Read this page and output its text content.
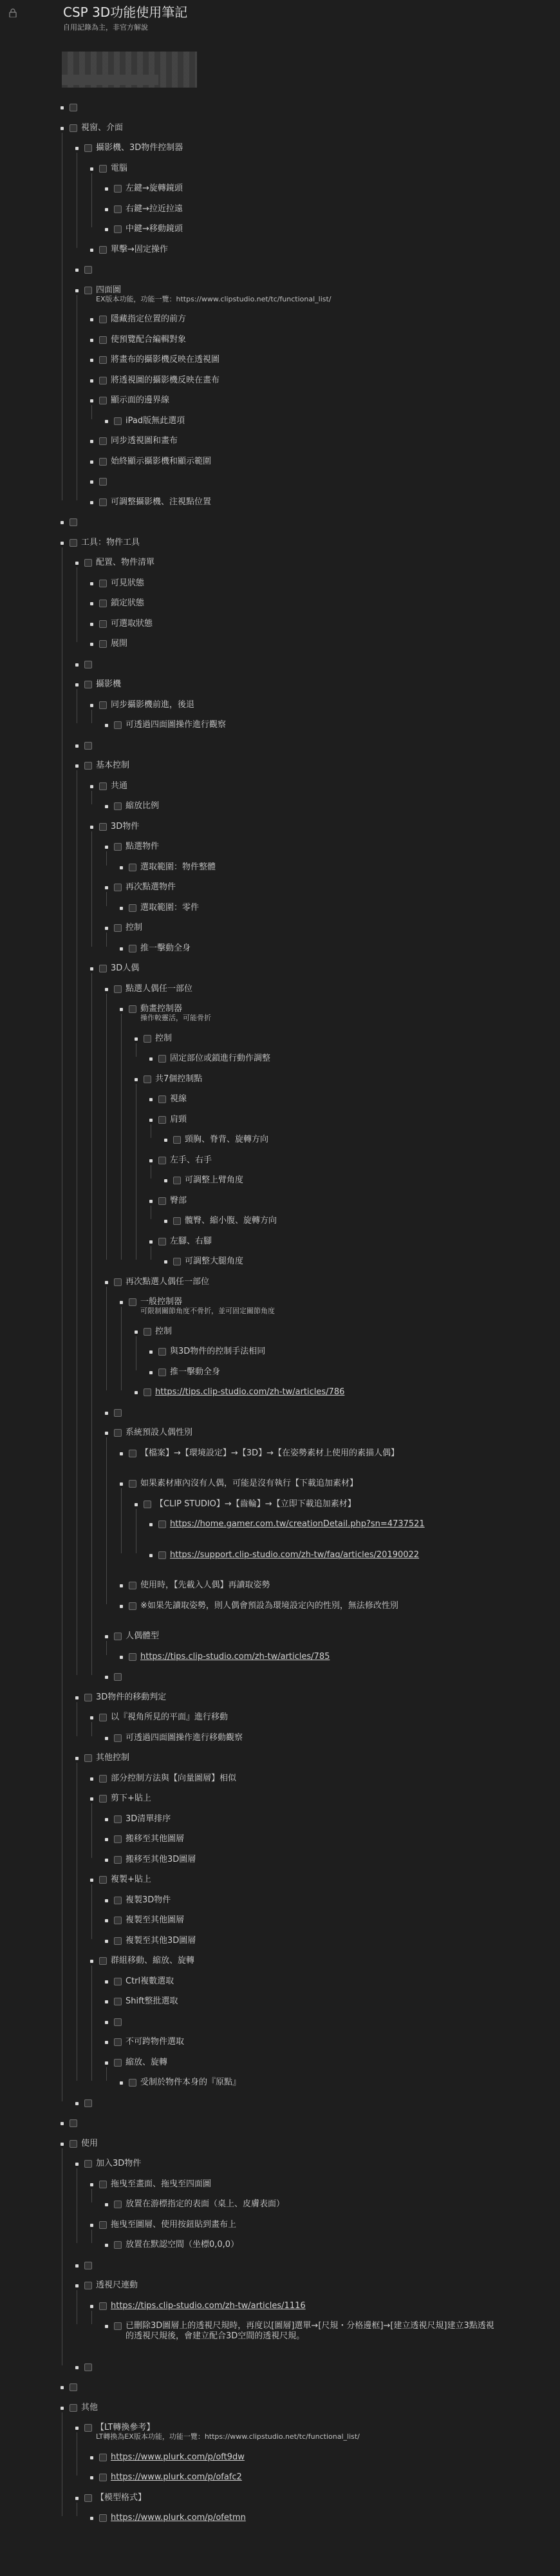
CSP 3D功能使用筆記
自用記錄為主，非官方解說
視窗、介面
攝影機、3D物件控制器
電腦
左鍵→旋轉鏡頭
右鍵→拉近拉遠
中鍵→移動鏡頭
單擊→固定操作
四面圖
EX版本功能，功能一覽：https://www.clipstudio.net/tc/functional_list/
隱藏指定位置的前方
使預覽配合編輯對象
將畫布的攝影機反映在透視圖
將透視圖的攝影機反映在畫布
顯示面的邊界線
iPad版無此選項
同步透視圖和畫布
始終顯示攝影機和顯示範圍
可調整攝影機、注視點位置
工具：物件工具
配置、物件清單
可見狀態
鎖定狀態
可選取狀態
展開
攝影機
同步攝影機前進，後退
可透過四面圖操作進行觀察
基本控制
共通
縮放比例
3D物件
點選物件
選取範圍：物件整體
再次點選物件
選取範圍：零件
控制
推一擊動全身
3D人偶
點選人偶任一部位
動畫控制器
操作較靈活，可能骨折
控制
固定部位或鎖進行動作調整
共7個控制點
視線
肩頸
頸胸、脊背、旋轉方向
左手、右手
可調整上臂角度
臀部
髖臀、縮小腹、旋轉方向
左腳、右腳
可調整大腿角度
再次點選人偶任一部位
一般控制器
可限制關節角度不骨折，並可固定關節角度
控制
與3D物件的控制手法相同
推一擊動全身
https://tips.clip-studio.com/zh-tw/articles/786
系統預設人偶性別
【檔案】→【環境設定】→【3D】→【在姿勢素材上使用的素描人偶】
如果素材庫內沒有人偶，可能是沒有執行【下載追加素材】
【CLIP STUDIO】→【齒輪】→【立即下載追加素材】
https://home.gamer.com.tw/creationDetail.php?sn=4737521
https://support.clip-studio.com/zh-tw/faq/articles/20190022
使用時，【先載入人偶】再讀取姿勢
※如果先讀取姿勢，則人偶會預設為環境設定內的性別，無法修改性別
人偶體型
https://tips.clip-studio.com/zh-tw/articles/785
3D物件的移動判定
以『視角所見的平面』進行移動
可透過四面圖操作進行移動觀察
其他控制
部分控制方法與【向量圖層】相似
剪下+貼上
3D清單排序
搬移至其他圖層
搬移至其他3D圖層
複製+貼上
複製3D物件
複製至其他圖層
複製至其他3D圖層
群組移動、縮放、旋轉
Ctrl複數選取
Shift整批選取
不可跨物件選取
縮放、旋轉
受制於物件本身的『原點』
使用
加入3D物件
拖曳至畫面、拖曳至四面圖
放置在游標指定的表面（桌上、皮膚表面）
拖曳至圖層、使用按鈕貼到畫布上
放置在默認空間（坐標0,0,0）
透視尺連動
https://tips.clip-studio.com/zh-tw/articles/1116
已刪除3D圖層上的透視尺規時，再度以[圖層]選單→[尺規・分格邊框]→[建立透視尺規]建立3點透視的透視尺規後，會建立配合3D空間的透視尺規。
其他
【LT轉換參考】
LT轉換為EX版本功能，功能一覽：https://www.clipstudio.net/tc/functional_list/
https://www.plurk.com/p/oft9dw
https://www.plurk.com/p/ofafc2
【模型格式】
https://www.plurk.com/p/ofetmn
